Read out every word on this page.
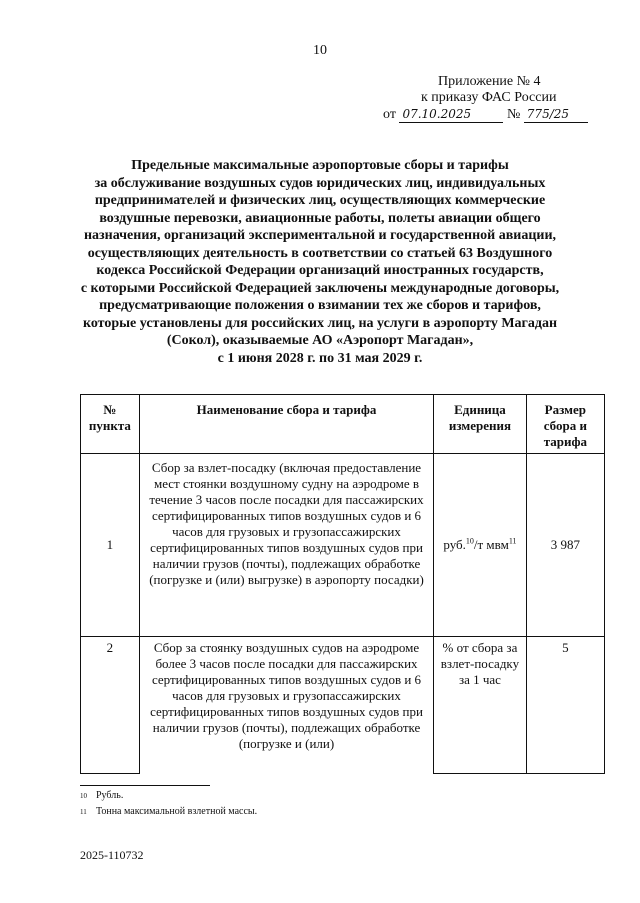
10
Приложение № 4
к приказу ФАС России
от 07.10.2025	№ 775/25
Предельные максимальные аэропортовые сборы и тарифы
за обслуживание воздушных судов юридических лиц, индивидуальных
предпринимателей и физических лиц, осуществляющих коммерческие
воздушные перевозки, авиационные работы, полеты авиации общего
назначения, организаций экспериментальной и государственной авиации,
осуществляющих деятельность в соответствии со статьей 63 Воздушного
кодекса Российской Федерации организаций иностранных государств,
с которыми Российской Федерацией заключены международные договоры,
предусматривающие положения о взимании тех же сборов и тарифов,
которые установлены для российских лиц, на услуги в аэропорту Магадан
(Сокол), оказываемые АО «Аэропорт Магадан»,
с 1 июня 2028 г. по 31 мая 2029 г.
№ пункта	Наименование сбора и тарифа	Единица измерения	Размер сбора и тарифа
1	Сбор за взлет-посадку (включая предоставление мест стоянки воздушному судну на аэродроме в течение 3 часов после посадки для пассажирских сертифицированных типов воздушных судов и 6 часов для грузовых и грузопассажирских сертифицированных типов воздушных судов при наличии грузов (почты), подлежащих обработке (погрузке и (или) выгрузке) в аэропорту посадки)	руб.$^{10}$/т мвм$^{11}$	3 987
2	Сбор за стоянку воздушных судов на аэродроме более 3 часов после посадки для пассажирских сертифицированных типов воздушных судов и 6 часов для грузовых и грузопассажирских сертифицированных типов воздушных судов при наличии грузов (почты), подлежащих обработке (погрузке и (или)	% от сбора за взлет-посадку за 1 час	5
10 Рубль.
11 Тонна максимальной взлетной массы.
2025-110732
